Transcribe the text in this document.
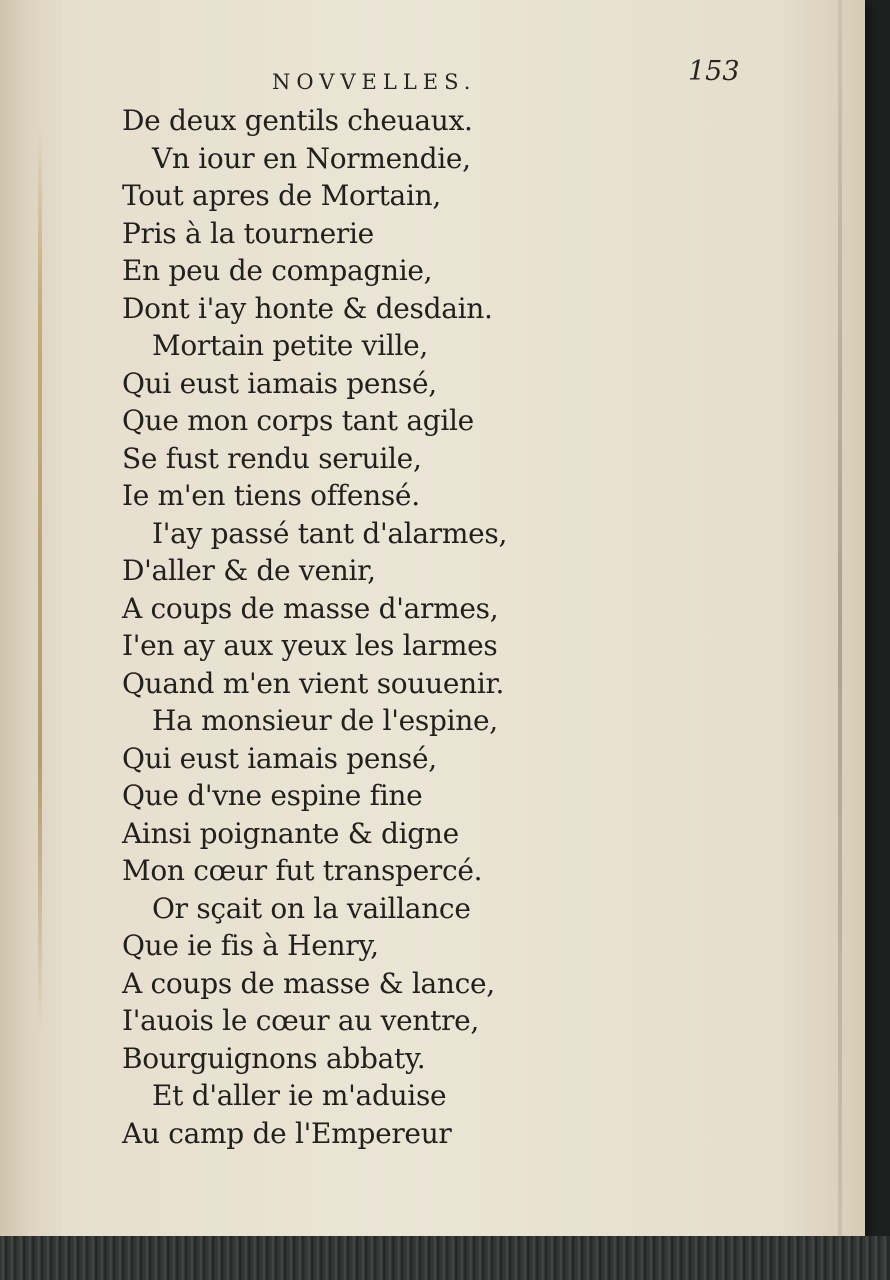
NOVVELLES.	153
De deux gentils cheuaux.
Vn iour en Normendie,
Tout apres de Mortain,
Pris à la tournerie
En peu de compagnie,
Dont i'ay honte & desdain.
Mortain petite ville,
Qui eust iamais pensé,
Que mon corps tant agile
Se fust rendu seruile,
Ie m'en tiens offensé.
I'ay passé tant d'alarmes,
D'aller & de venir,
A coups de masse d'armes,
I'en ay aux yeux les larmes
Quand m'en vient souuenir.
Ha monsieur de l'espine,
Qui eust iamais pensé,
Que d'vne espine fine
Ainsi poignante & digne
Mon cœur fut transpercé.
Or sçait on la vaillance
Que ie fis à Henry,
A coups de masse & lance,
I'auois le cœur au ventre,
Bourguignons abbaty.
Et d'aller ie m'aduise
Au camp de l'Empereur
